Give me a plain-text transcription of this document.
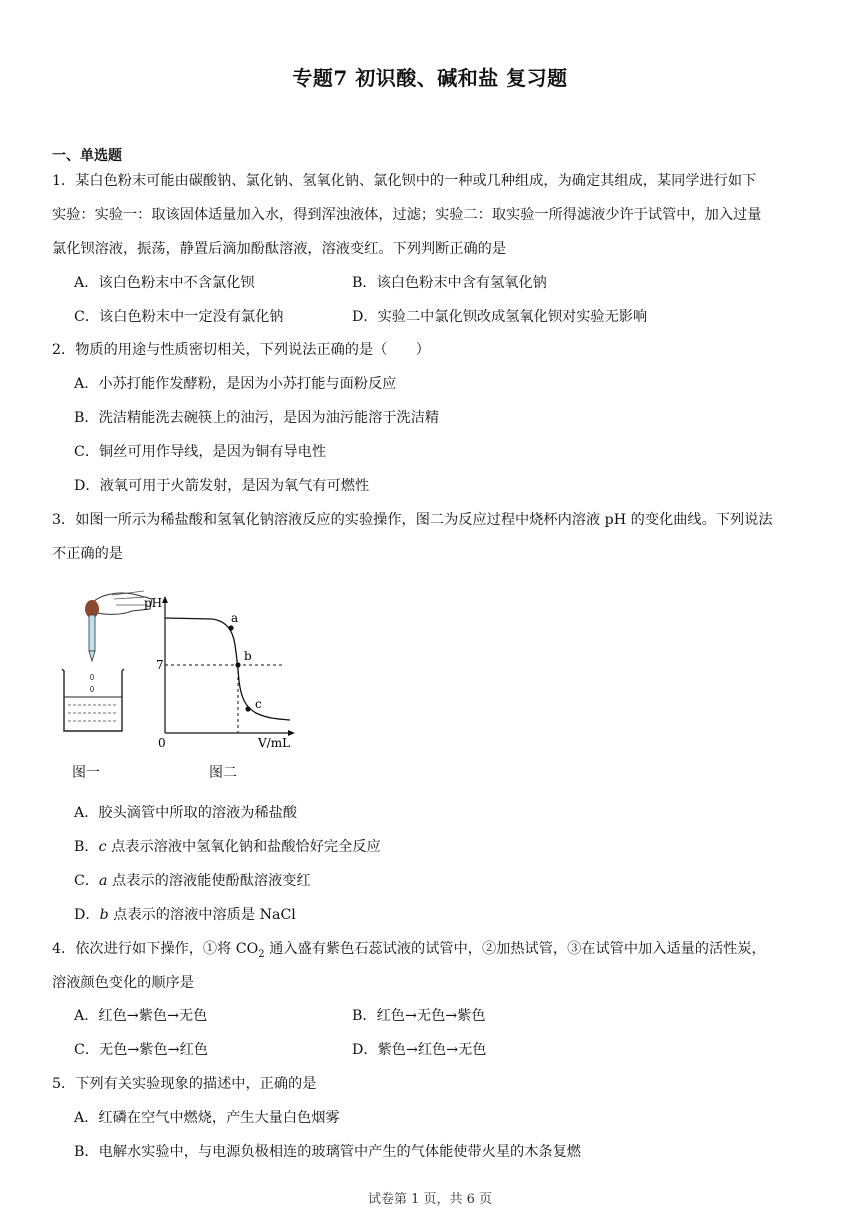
专题7 初识酸、碱和盐 复习题
一、单选题
1．某白色粉末可能由碳酸钠、氯化钠、氢氧化钠、氯化钡中的一种或几种组成，为确定其组成，某同学进行如下
实验：实验一：取该固体适量加入水，得到浑浊液体，过滤；实验二：取实验一所得滤液少许于试管中，加入过量
氯化钡溶液，振荡，静置后滴加酚酞溶液，溶液变红。下列判断正确的是
A．该白色粉末中不含氯化钡	B．该白色粉末中含有氢氧化钠
C．该白色粉末中一定没有氯化钠	D．实验二中氯化钡改成氢氧化钡对实验无影响
2．物质的用途与性质密切相关，下列说法正确的是（　　）
A．小苏打能作发酵粉，是因为小苏打能与面粉反应
B．洗洁精能洗去碗筷上的油污，是因为油污能溶于洗洁精
C．铜丝可用作导线，是因为铜有导电性
D．液氧可用于火箭发射，是因为氧气有可燃性
3．如图一所示为稀盐酸和氢氧化钠溶液反应的实验操作，图二为反应过程中烧杯内溶液 pH 的变化曲线。下列说法
不正确的是
pH
0	V/mL
7
a
b
c
图一	图二
A．胶头滴管中所取的溶液为稀盐酸
B．c 点表示溶液中氢氧化钠和盐酸恰好完全反应
C．a 点表示的溶液能使酚酞溶液变红
D．b 点表示的溶液中溶质是 NaCl
4．依次进行如下操作，①将 $CO_2$ 通入盛有紫色石蕊试液的试管中，②加热试管，③在试管中加入适量的活性炭，
溶液颜色变化的顺序是
A．红色→紫色→无色	B．红色→无色→紫色
C．无色→紫色→红色	D．紫色→红色→无色
5．下列有关实验现象的描述中，正确的是
A．红磷在空气中燃烧，产生大量白色烟雾
B．电解水实验中，与电源负极相连的玻璃管中产生的气体能使带火星的木条复燃
试卷第 1 页，共 6 页
